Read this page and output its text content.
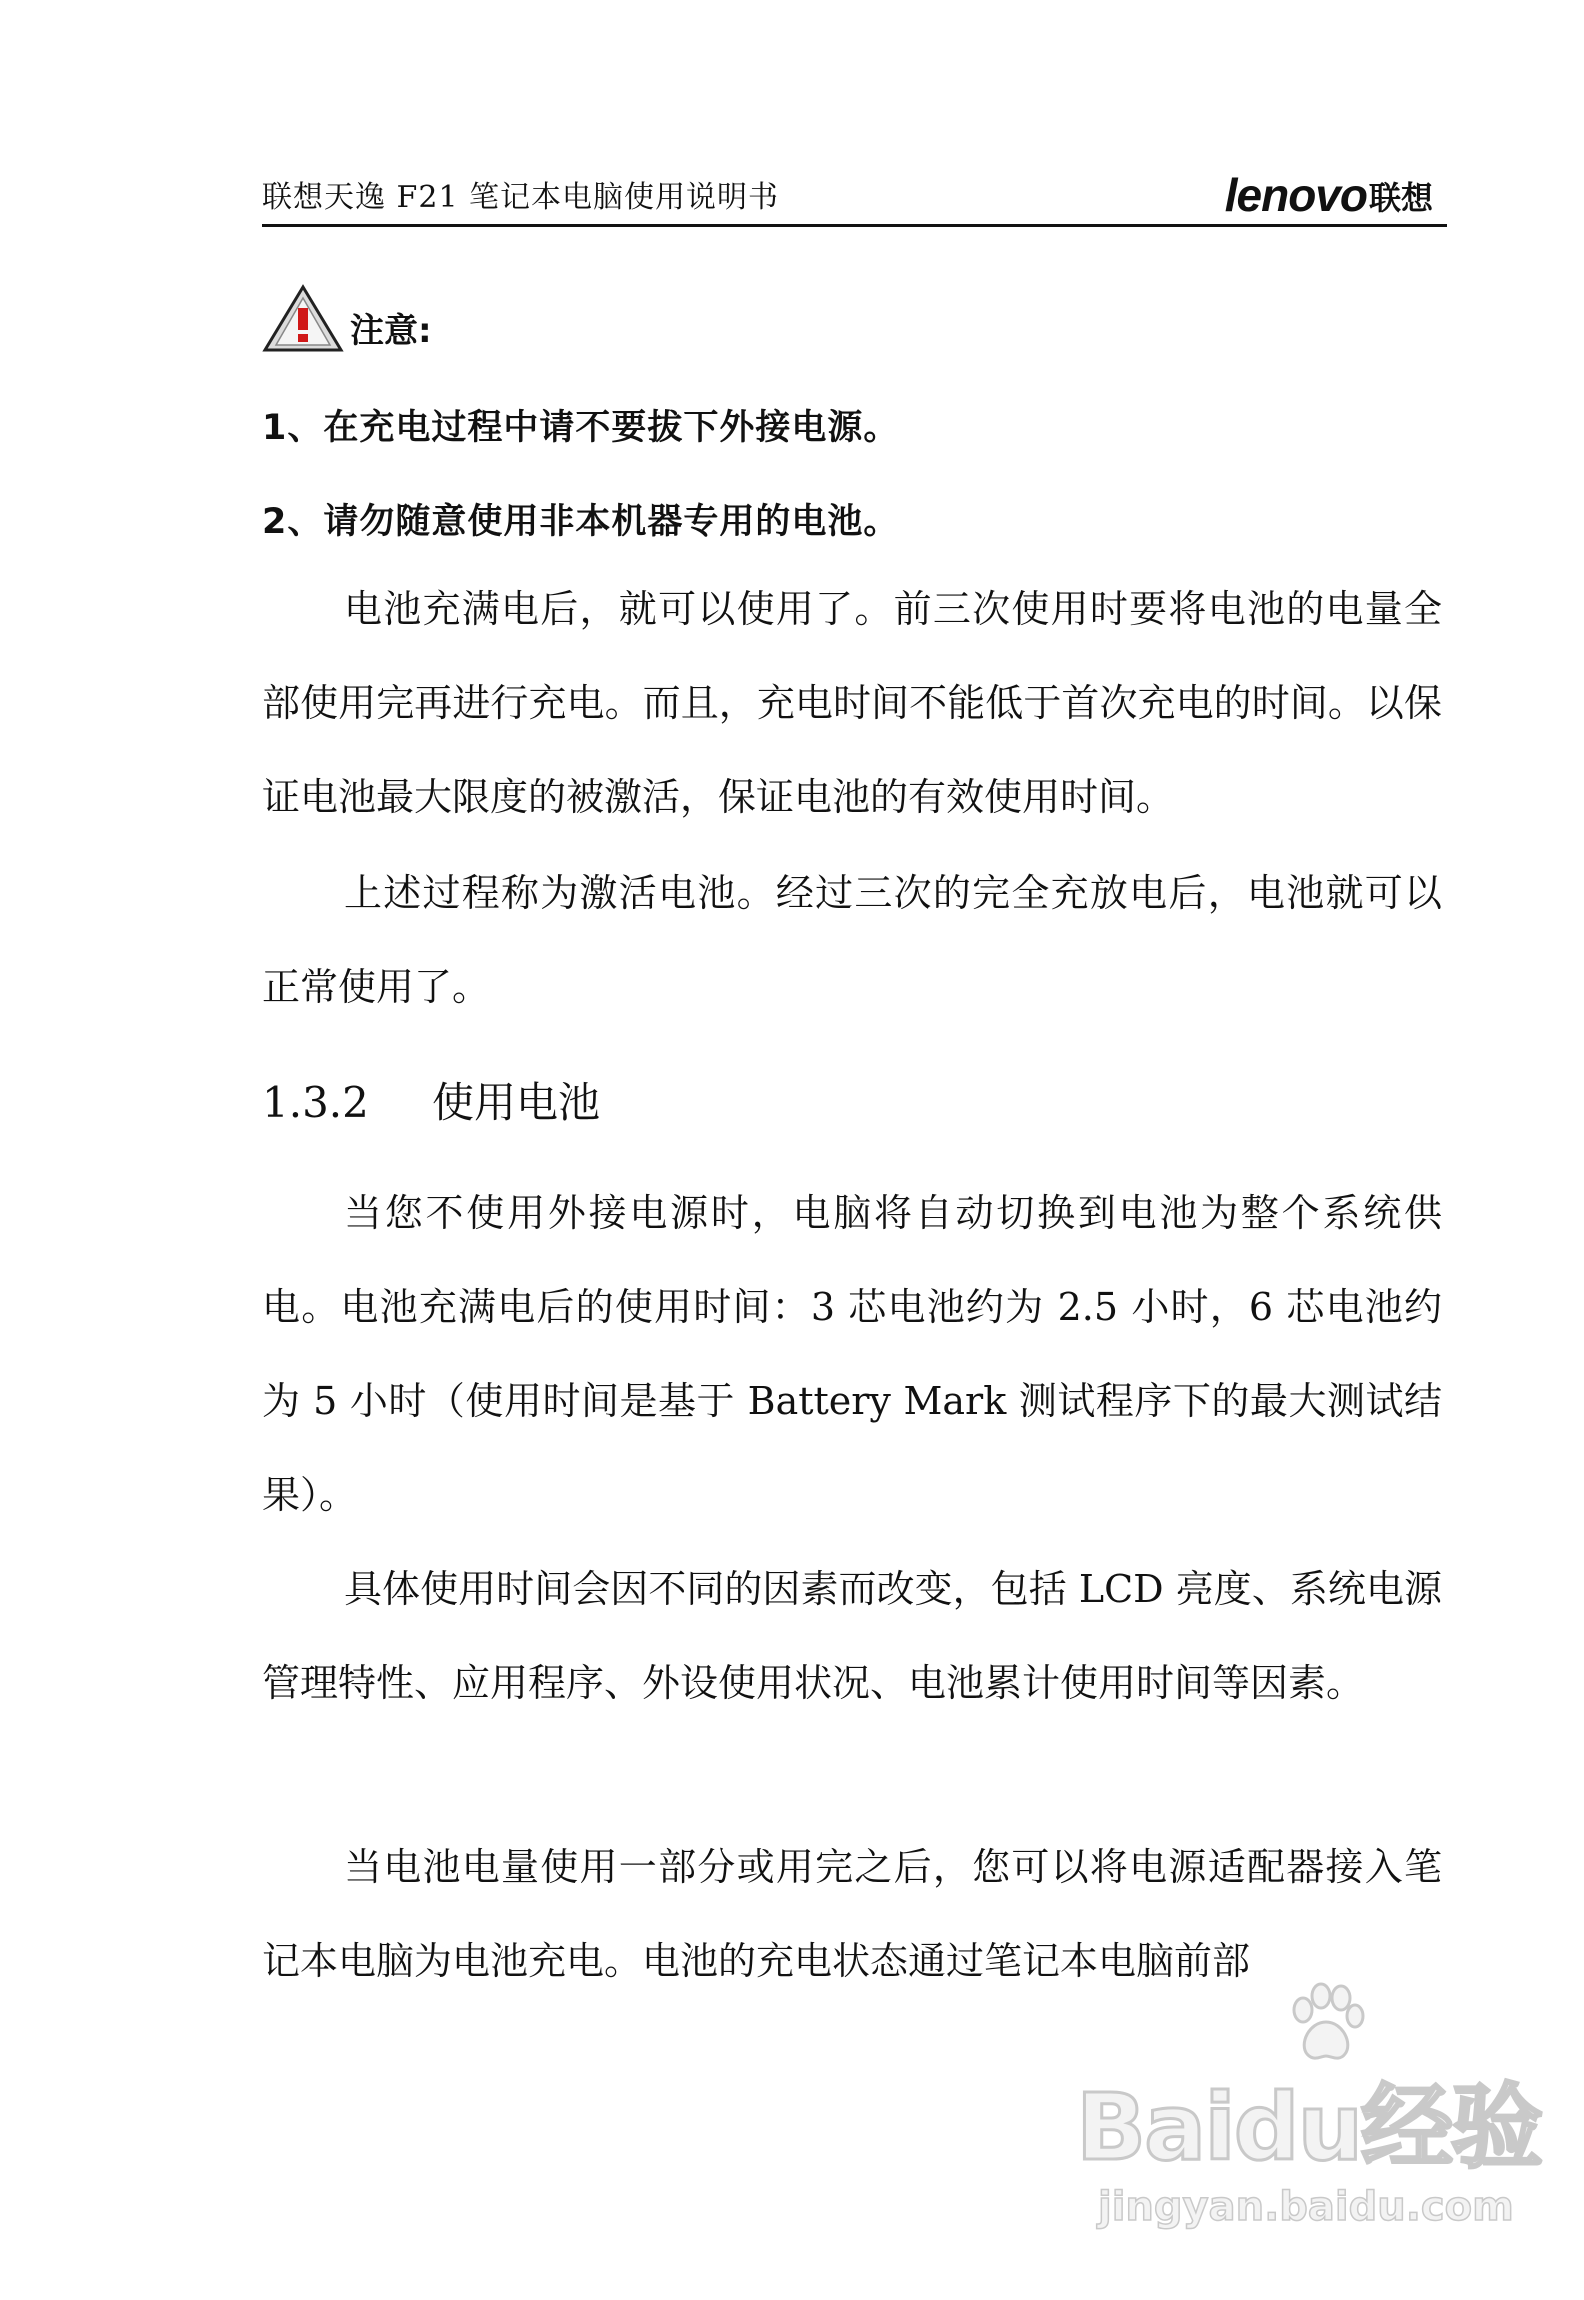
联想天逸 F21 笔记本电脑使用说明书	lenovo 联想
注意:
1、在充电过程中请不要拔下外接电源。
2、请勿随意使用非本机器专用的电池。

电池充满电后，就可以使用了。前三次使用时要将电池的电量全部使用完再进行充电。而且，充电时间不能低于首次充电的时间。以保证电池最大限度的被激活，保证电池的有效使用时间。

上述过程称为激活电池。经过三次的完全充放电后，电池就可以正常使用了。

1.3.2 使用电池

当您不使用外接电源时，电脑将自动切换到电池为整个系统供电。电池充满电后的使用时间：3 芯电池约为 2.5 小时，6 芯电池约为 5 小时（使用时间是基于 Battery Mark 测试程序下的最大测试结果）。

具体使用时间会因不同的因素而改变，包括 LCD 亮度、系统电源管理特性、应用程序、外设使用状况、电池累计使用时间等因素。

当电池电量使用一部分或用完之后，您可以将电源适配器接入笔记本电脑为电池充电。电池的充电状态通过笔记本电脑前部

Baidu经验
jingyan.baidu.com
